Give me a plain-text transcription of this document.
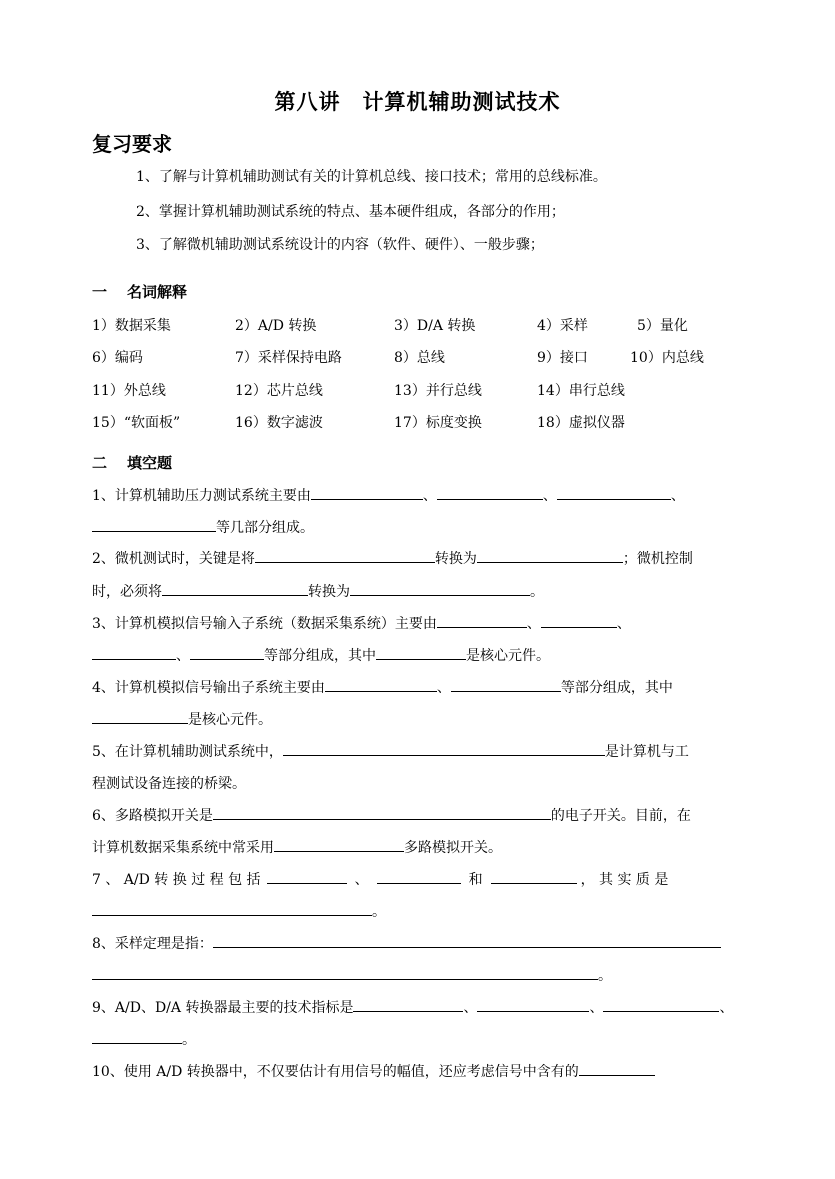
第八讲　计算机辅助测试技术
复习要求
1、了解与计算机辅助测试有关的计算机总线、接口技术；常用的总线标准。
2、掌握计算机辅助测试系统的特点、基本硬件组成，各部分的作用；
3、了解微机辅助测试系统设计的内容（软件、硬件）、一般步骤；
一 名词解释
1）数据采集	2）A/D 转换	3）D/A 转换	4）采样	5）量化
6）编码	7）采样保持电路	8）总线	9）接口	10）内总线
11）外总线	12）芯片总线	13）并行总线	14）串行总线
15）“软面板”	16）数字滤波	17）标度变换	18）虚拟仪器
二 填空题
1、计算机辅助压力测试系统主要由	、	、	、
等几部分组成。
2、微机测试时，关键是将	转换为	；微机控制
时，必须将	转换为	。
3、计算机模拟信号输入子系统（数据采集系统）主要由	、	、
、	等部分组成，其中	是核心元件。
4、计算机模拟信号输出子系统主要由	、	等部分组成，其中
是核心元件。
5、在计算机辅助测试系统中，	是计算机与工
程测试设备连接的桥梁。
6、多路模拟开关是	的电子开关。目前，在
计算机数据采集系统中常采用	多路模拟开关。
7 、 A/D 转 换 过 程 包 括	、	和	， 其 实 质 是
。
8、采样定理是指：
。
9、A/D、D/A 转换器最主要的技术指标是	、	、	、
。
10、使用 A/D 转换器中，不仅要估计有用信号的幅值，还应考虑信号中含有的
